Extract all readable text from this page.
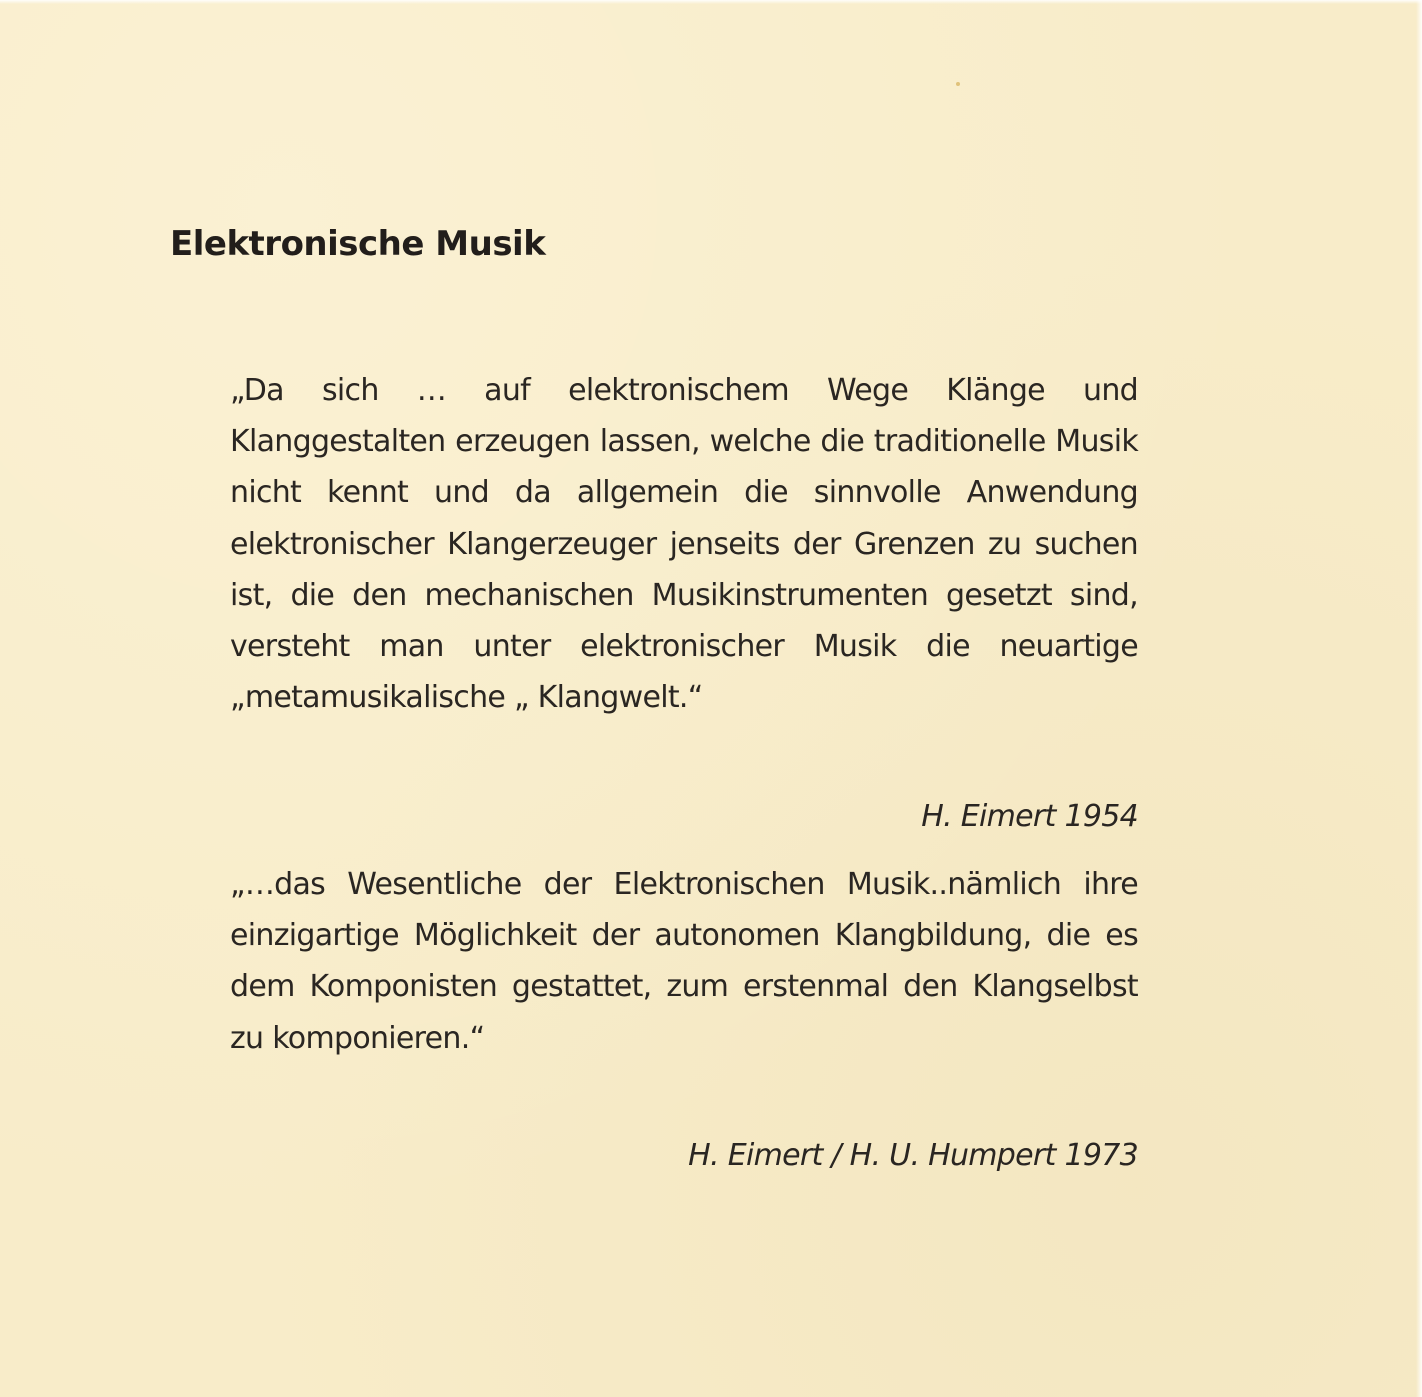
Elektronische Musik

„Da sich … auf elektronischem Wege Klänge und Klanggestalten erzeugen lassen, welche die traditionelle Musik nicht kennt und da allgemein die sinnvolle Anwendung elektronischer Klangerzeuger jenseits der Grenzen zu suchen ist, die den mechanischen Musikinstrumenten gesetzt sind, versteht man unter elektronischer Musik die neuartige „metamusikalische „ Klangwelt.“

H. Eimert 1954

„…das Wesentliche der Elektronischen Musik..nämlich ihre einzigartige Möglichkeit der autonomen Klangbildung, die es dem Komponisten gestattet, zum erstenmal den Klangselbst zu komponieren.“

H. Eimert / H. U. Humpert 1973
